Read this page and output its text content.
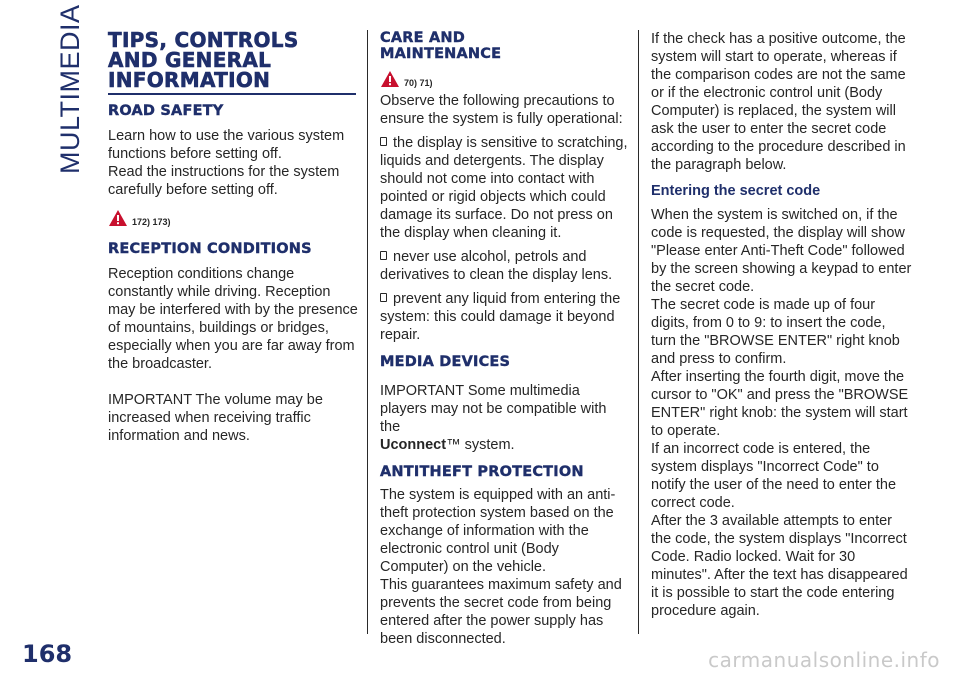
MULTIMEDIA TIPS, CONTROLS
AND GENERAL
INFORMATION
ROAD SAFETY

Learn how to use the various system functions before setting off.

Read the instructions for the system carefully before setting off.

172) 173)
RECEPTION CONDITIONS

Reception conditions change constantly while driving. Reception may be interfered with by the presence of mountains, buildings or bridges, especially when you are far away from the broadcaster.

IMPORTANT The volume may be increased when receiving traffic information and news.

CARE AND
MAINTENANCE
70) 71)

Observe the following precautions to ensure the system is fully operational:

the display is sensitive to scratching, liquids and detergents. The display should not come into contact with pointed or rigid objects which could damage its surface. Do not press on the display when cleaning it.

never use alcohol, petrols and derivatives to clean the display lens.

prevent any liquid from entering the system: this could damage it beyond repair.

MEDIA DEVICES

IMPORTANT Some multimedia players may not be compatible with the
Uconnect™ system.

ANTITHEFT PROTECTION

The system is equipped with an anti-theft protection system based on the exchange of information with the electronic control unit (Body Computer) on the vehicle.

This guarantees maximum safety and prevents the secret code from being entered after the power supply has been disconnected.

If the check has a positive outcome, the system will start to operate, whereas if the comparison codes are not the same or if the electronic control unit (Body Computer) is replaced, the system will ask the user to enter the secret code according to the procedure described in the paragraph below.

Entering the secret code

When the system is switched on, if the code is requested, the display will show "Please enter Anti-Theft Code" followed by the screen showing a keypad to enter the secret code.

The secret code is made up of four digits, from 0 to 9: to insert the code, turn the "BROWSE ENTER" right knob and press to confirm.

After inserting the fourth digit, move the cursor to "OK" and press the "BROWSE ENTER" right knob: the system will start to operate.

If an incorrect code is entered, the system displays "Incorrect Code" to notify the user of the need to enter the correct code.

After the 3 available attempts to enter the code, the system displays "Incorrect Code. Radio locked. Wait for 30 minutes". After the text has disappeared it is possible to start the code entering procedure again.

168	carmanualsonline.info
